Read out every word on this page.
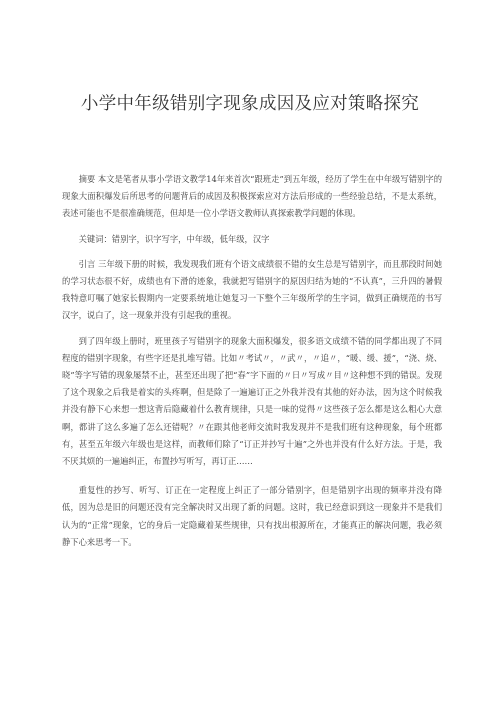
小学中年级错别字现象成因及应对策略探究

摘要 本文是笔者从事小学语文教学14年来首次“跟班走”到五年级，经历了学生在中年级写错别字的现象大面积爆发后所思考的问题背后的成因及积极探索应对方法后形成的一些经验总结，不是太系统，表述可能也不是很准确规范，但却是一位小学语文教师认真探索教学问题的体现。

关键词：错别字，识字写字，中年级，低年级，汉字

引言 三年级下册的时候，我发现我们班有个语文成绩很不错的女生总是写错别字，而且那段时间她的学习状态很不好，成绩也有下滑的迹象，我就把写错别字的原因归结为她的“不认真”，三升四的暑假我特意叮嘱了她家长假期内一定要系统地让她复习一下整个三年级所学的生字词，做到正确规范的书写汉字，说白了，这一现象并没有引起我的重视。

到了四年级上册时，班里孩子写错别字的现象大面积爆发，很多语文成绩不错的同学都出现了不同程度的错别字现象，有些字还是扎堆写错。比如〃考试〃，〃武〃，〃追〃，“暖、缓、援”，“浇、烧、晓”等字写错的现象屡禁不止，甚至还出现了把“春”字下面的〃日〃写成〃目〃这种想不到的错误。发现了这个现象之后我是着实的头疼啊，但是除了一遍遍订正之外我并没有其他的好办法，因为这个时候我并没有静下心来想一想这背后隐藏着什么教育规律，只是一味的觉得〃这些孩子怎么都是这么粗心大意啊，都讲了这么多遍了怎么还错呢？〃在跟其他老师交流时我发现并不是我们班有这种现象，每个班都有，甚至五年级六年级也是这样，而教师们除了“订正并抄写十遍”之外也并没有什么好方法。于是，我不厌其烦的一遍遍纠正，布置抄写听写，再订正……

重复性的抄写、听写、订正在一定程度上纠正了一部分错别字，但是错别字出现的频率并没有降低，因为总是旧的问题还没有完全解决时又出现了新的问题。这时，我已经意识到这一现象并不是我们认为的“正常”现象，它的身后一定隐藏着某些规律，只有找出根源所在，才能真正的解决问题，我必须静下心来思考一下。
